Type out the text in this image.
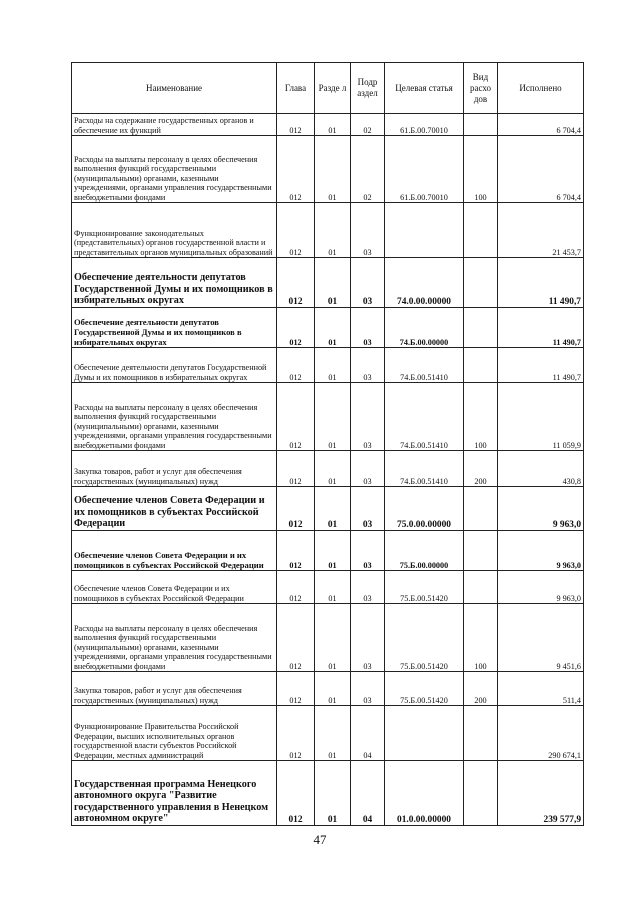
Наименование	Глава	Разде л	Подр аздел	Целевая статья	Вид расхо дов	Исполнено
Расходы на содержание государственных органов и обеспечение их функций	012	01	02	61.Б.00.70010		6 704,4
Расходы на выплаты персоналу в целях обеспечения выполнения функций государственными (муниципальными) органами, казенными учреждениями, органами управления государственными внебюджетными фондами	012	01	02	61.Б.00.70010	100	6 704,4
Функционирование законодательных (представительных) органов государственной власти и представительных органов муниципальных образований	012	01	03			21 453,7
Обеспечение деятельности депутатов Государственной Думы и их помощников в избирательных округах	012	01	03	74.0.00.00000		11 490,7
Обеспечение деятельности депутатов Государственной Думы и их помощников в избирательных округах	012	01	03	74.Б.00.00000		11 490,7
Обеспечение деятельности депутатов Государственной Думы и их помощников в избирательных округах	012	01	03	74.Б.00.51410		11 490,7
Расходы на выплаты персоналу в целях обеспечения выполнения функций государственными (муниципальными) органами, казенными учреждениями, органами управления государственными внебюджетными фондами	012	01	03	74.Б.00.51410	100	11 059,9
Закупка товаров, работ и услуг для обеспечения государственных (муниципальных) нужд	012	01	03	74.Б.00.51410	200	430,8
Обеспечение членов Совета Федерации и их помощников в субъектах Российской Федерации	012	01	03	75.0.00.00000		9 963,0
Обеспечение членов Совета Федерации и их помощников в субъектах Российской Федерации	012	01	03	75.Б.00.00000		9 963,0
Обеспечение членов Совета Федерации и их помощников в субъектах Российской Федерации	012	01	03	75.Б.00.51420		9 963,0
Расходы на выплаты персоналу в целях обеспечения выполнения функций государственными (муниципальными) органами, казенными учреждениями, органами управления государственными внебюджетными фондами	012	01	03	75.Б.00.51420	100	9 451,6
Закупка товаров, работ и услуг для обеспечения государственных (муниципальных) нужд	012	01	03	75.Б.00.51420	200	511,4
Функционирование Правительства Российской Федерации, высших исполнительных органов государственной власти субъектов Российской Федерации, местных администраций	012	01	04			290 674,1
Государственная программа Ненецкого автономного округа "Развитие государственного управления в Ненецком автономном округе"	012	01	04	01.0.00.00000		239 577,9
47
